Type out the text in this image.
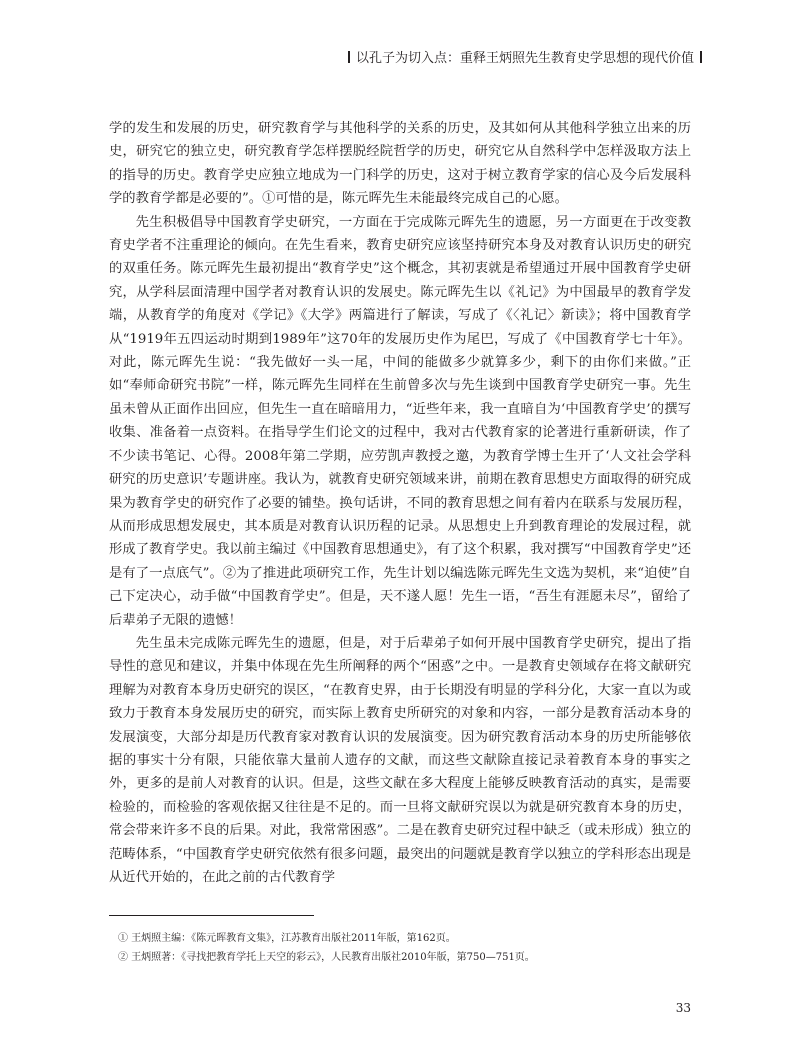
以孔子为切入点：重释王炳照先生教育史学思想的现代价值

学的发生和发展的历史，研究教育学与其他科学的关系的历史，及其如何从其他科学独立出来的历史，研究它的独立史，研究教育学怎样摆脱经院哲学的历史，研究它从自然科学中怎样汲取方法上的指导的历史。教育学史应独立地成为一门科学的历史，这对于树立教育学家的信心及今后发展科学的教育学都是必要的”。①可惜的是，陈元晖先生未能最终完成自己的心愿。

先生积极倡导中国教育学史研究，一方面在于完成陈元晖先生的遗愿，另一方面更在于改变教育史学者不注重理论的倾向。在先生看来，教育史研究应该坚持研究本身及对教育认识历史的研究的双重任务。陈元晖先生最初提出“教育学史”这个概念，其初衷就是希望通过开展中国教育学史研究，从学科层面清理中国学者对教育认识的发展史。陈元晖先生以《礼记》为中国最早的教育学发端，从教育学的角度对《学记》《大学》两篇进行了解读，写成了《〈礼记〉新读》；将中国教育学从“1919年五四运动时期到1989年”这70年的发展历史作为尾巴，写成了《中国教育学七十年》。对此，陈元晖先生说：“我先做好一头一尾，中间的能做多少就算多少，剩下的由你们来做。”正如“奉师命研究书院”一样，陈元晖先生同样在生前曾多次与先生谈到中国教育学史研究一事。先生虽未曾从正面作出回应，但先生一直在暗暗用力，“近些年来，我一直暗自为‘中国教育学史’的撰写收集、准备着一点资料。在指导学生们论文的过程中，我对古代教育家的论著进行重新研读，作了不少读书笔记、心得。2008年第二学期，应劳凯声教授之邀，为教育学博士生开了‘人文社会学科研究的历史意识’专题讲座。我认为，就教育史研究领域来讲，前期在教育思想史方面取得的研究成果为教育学史的研究作了必要的铺垫。换句话讲，不同的教育思想之间有着内在联系与发展历程，从而形成思想发展史，其本质是对教育认识历程的记录。从思想史上升到教育理论的发展过程，就形成了教育学史。我以前主编过《中国教育思想通史》，有了这个积累，我对撰写“中国教育学史”还是有了一点底气”。②为了推进此项研究工作，先生计划以编选陈元晖先生文选为契机，来“迫使”自己下定决心，动手做“中国教育学史”。但是，天不遂人愿！先生一语，“吾生有涯愿未尽”，留给了后辈弟子无限的遗憾！

先生虽未完成陈元晖先生的遗愿，但是，对于后辈弟子如何开展中国教育学史研究，提出了指导性的意见和建议，并集中体现在先生所阐释的两个“困惑”之中。一是教育史领域存在将文献研究理解为对教育本身历史研究的误区，“在教育史界，由于长期没有明显的学科分化，大家一直以为或致力于教育本身发展历史的研究，而实际上教育史所研究的对象和内容，一部分是教育活动本身的发展演变，大部分却是历代教育家对教育认识的发展演变。因为研究教育活动本身的历史所能够依据的事实十分有限，只能依靠大量前人遗存的文献，而这些文献除直接记录着教育本身的事实之外，更多的是前人对教育的认识。但是，这些文献在多大程度上能够反映教育活动的真实，是需要检验的，而检验的客观依据又往往是不足的。而一旦将文献研究误以为就是研究教育本身的历史，常会带来许多不良的后果。对此，我常常困惑”。二是在教育史研究过程中缺乏（或未形成）独立的范畴体系，“中国教育学史研究依然有很多问题，最突出的问题就是教育学以独立的学科形态出现是从近代开始的，在此之前的古代教育学

① 王炳照主编：《陈元晖教育文集》，江苏教育出版社2011年版，第162页。

② 王炳照著：《寻找把教育学托上天空的彩云》，人民教育出版社2010年版，第750—751页。

33
